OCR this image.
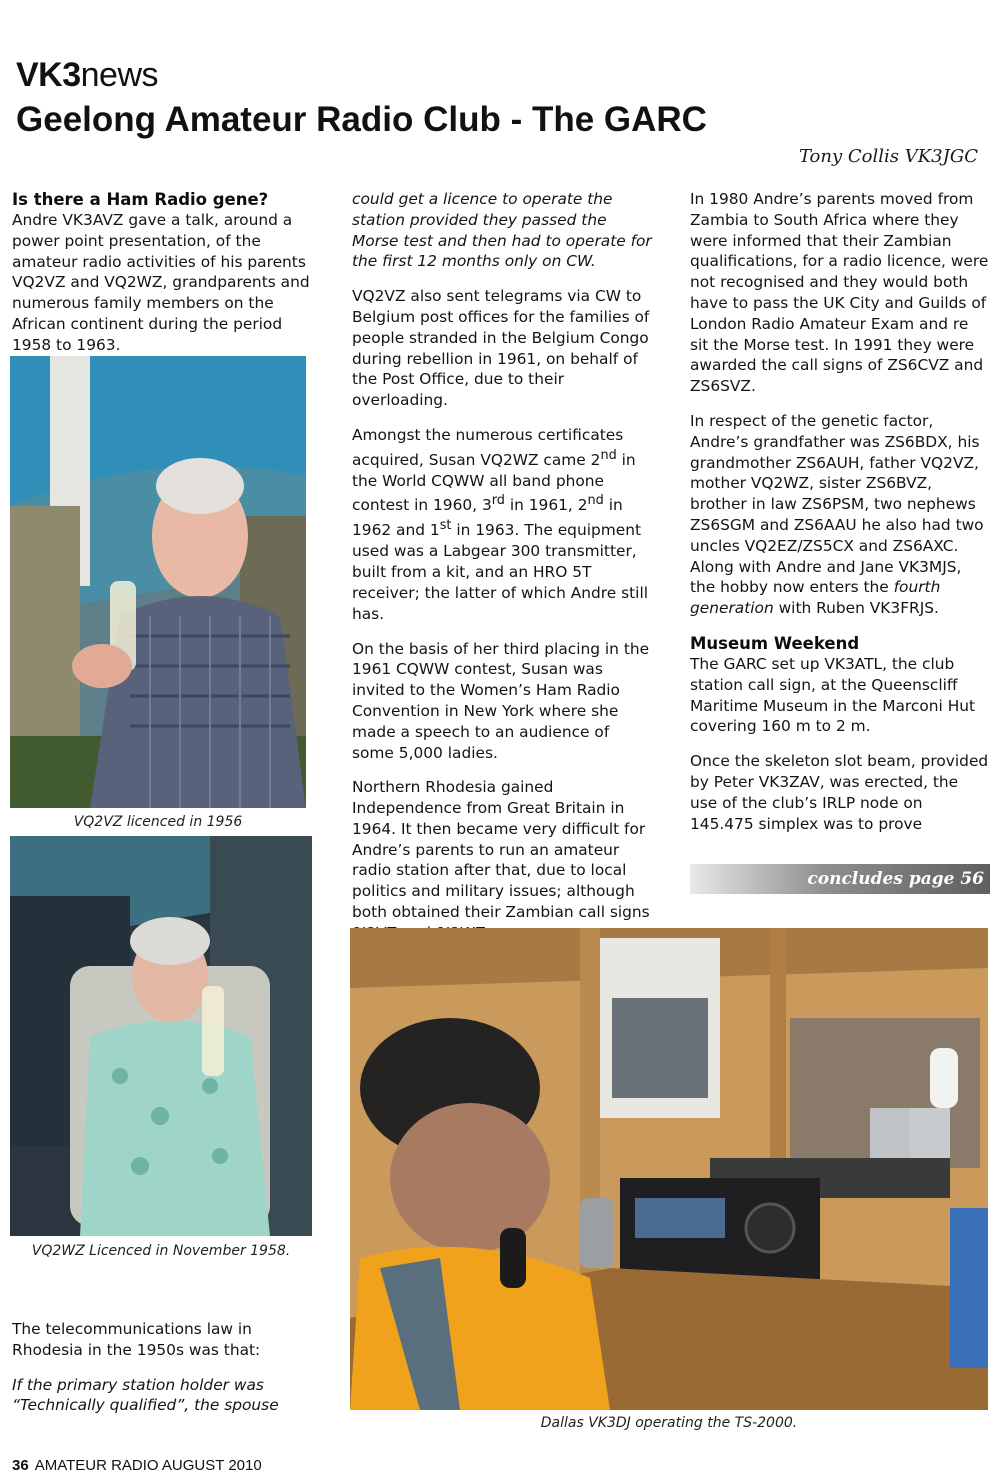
VK3news
Geelong Amateur Radio Club - The GARC
Tony Collis VK3JGC
Is there a Ham Radio gene?

Andre VK3AVZ gave a talk, around a power point presentation, of the amateur radio activities of his parents VQ2VZ and VQ2WZ, grandparents and numerous family members on the African continent during the period 1958 to 1963.

VQ2VZ licenced in 1956
VQ2WZ Licenced in November 1958.

The telecommunications law in Rhodesia in the 1950s was that:

If the primary station holder was “Technically qualified”, the spouse

could get a licence to operate the station provided they passed the Morse test and then had to operate for the first 12 months only on CW.

VQ2VZ also sent telegrams via CW to Belgium post offices for the families of people stranded in the Belgium Congo during rebellion in 1961, on behalf of the Post Office, due to their overloading.

Amongst the numerous certificates acquired, Susan VQ2WZ came 2nd in the World CQWW all band phone contest in 1960, 3rd in 1961, 2nd in 1962 and 1st in 1963. The equipment used was a Labgear 300 transmitter, built from a kit, and an HRO 5T receiver; the latter of which Andre still has.

On the basis of her third placing in the 1961 CQWW contest, Susan was invited to the Women’s Ham Radio Convention in New York where she made a speech to an audience of some 5,000 ladies.

Northern Rhodesia gained Independence from Great Britain in 1964. It then became very difficult for Andre’s parents to run an amateur radio station after that, due to local politics and military issues; although both obtained their Zambian call signs

In 1980 Andre’s parents moved from Zambia to South Africa where they were informed that their Zambian qualifications, for a radio licence, were not recognised and they would both have to pass the UK City and Guilds of London Radio Amateur Exam and re sit the Morse test. In 1991 they were awarded the call signs of ZS6CVZ and ZS6SVZ.

In respect of the genetic factor, Andre’s grandfather was ZS6BDX, his grandmother ZS6AUH, father VQ2VZ, mother VQ2WZ, sister ZS6BVZ, brother in law ZS6PSM, two nephews ZS6SGM and ZS6AAU he also had two uncles VQ2EZ/ZS5CX and ZS6AXC. Along with Andre and Jane VK3MJS, the hobby now enters the fourth generation with Ruben VK3FRJS.

Museum Weekend

The GARC set up VK3ATL, the club station call sign, at the Queenscliff Maritime Museum in the Marconi Hut covering 160 m to 2 m.

Once the skeleton slot beam, provided by Peter VK3ZAV, was erected, the use of the club’s IRLP node on 145.475 simplex was to prove

concludes page 56
Dallas VK3DJ operating the TS-2000.
36 AMATEUR RADIO AUGUST 2010
